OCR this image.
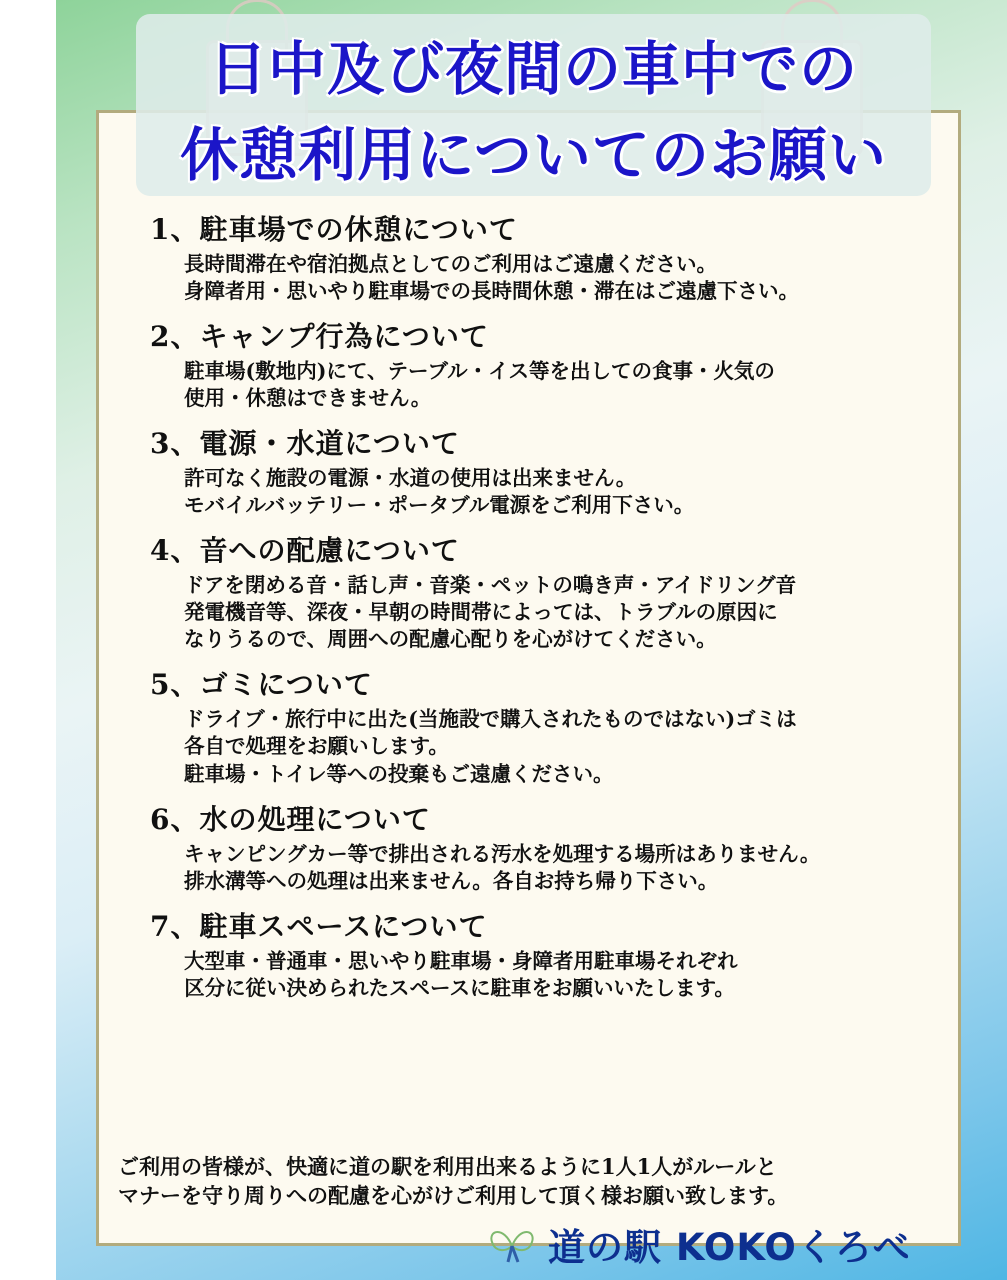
日中及び夜間の車中での
休憩利用についてのお願い
1、駐車場での休憩について
長時間滞在や宿泊拠点としてのご利用はご遠慮ください。
身障者用・思いやり駐車場での長時間休憩・滞在はご遠慮下さい。
2、キャンプ行為について
駐車場(敷地内)にて、テーブル・イス等を出しての食事・火気の
使用・休憩はできません。
3、電源・水道について
許可なく施設の電源・水道の使用は出来ません。
モバイルバッテリー・ポータブル電源をご利用下さい。
4、音への配慮について
ドアを閉める音・話し声・音楽・ペットの鳴き声・アイドリング音
発電機音等、深夜・早朝の時間帯によっては、トラブルの原因に
なりうるので、周囲への配慮心配りを心がけてください。
5、ゴミについて
ドライブ・旅行中に出た(当施設で購入されたものではない)ゴミは
各自で処理をお願いします。
駐車場・トイレ等への投棄もご遠慮ください。
6、水の処理について
キャンピングカー等で排出される汚水を処理する場所はありません。
排水溝等への処理は出来ません。各自お持ち帰り下さい。
7、駐車スペースについて
大型車・普通車・思いやり駐車場・身障者用駐車場それぞれ
区分に従い決められたスペースに駐車をお願いいたします。
ご利用の皆様が、快適に道の駅を利用出来るように1人1人がルールと
マナーを守り周りへの配慮を心がけご利用して頂く様お願い致します。
道の駅 KOKOくろべ
